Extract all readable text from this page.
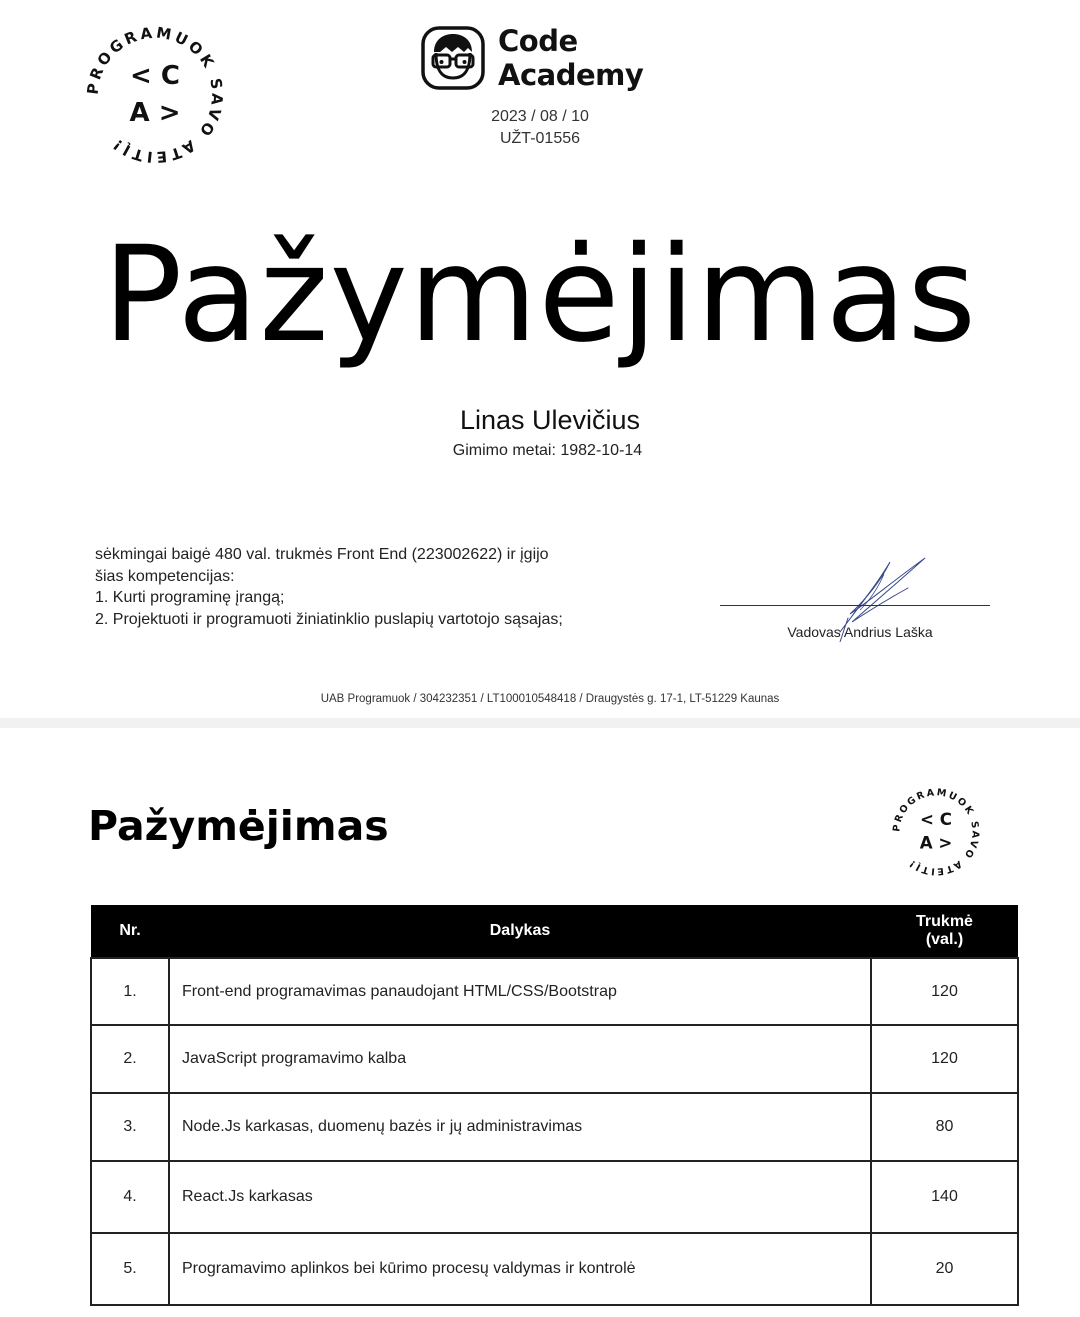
PROGRAMUOK SAVO ATEITĮ!
< C
A >
Code
Academy
2023 / 08 / 10
UŽT-01556
Pažymėjimas
Linas Ulevičius
Gimimo metai: 1982-10-14
sėkmingai baigė 480 val. trukmės Front End (223002622) ir įgijo
šias kompetencijas:
1. Kurti programinę įrangą;
2. Projektuoti ir programuoti žiniatinklio puslapių vartotojo sąsajas;
Vadovas Andrius Laška
UAB Programuok / 304232351 / LT100010548418 / Draugystės g. 17-1, LT-51229 Kaunas
Pažymėjimas	PROGRAMUOK SAVO ATEITĮ!
< C
A >
Nr.	Dalykas	Trukmė
(val.)

1.	Front-end programavimas panaudojant HTML/CSS/Bootstrap	120
2.	JavaScript programavimo kalba	120
3.	Node.Js karkasas, duomenų bazės ir jų administravimas	80
4.	React.Js karkasas	140
5.	Programavimo aplinkos bei kūrimo procesų valdymas ir kontrolė	20
